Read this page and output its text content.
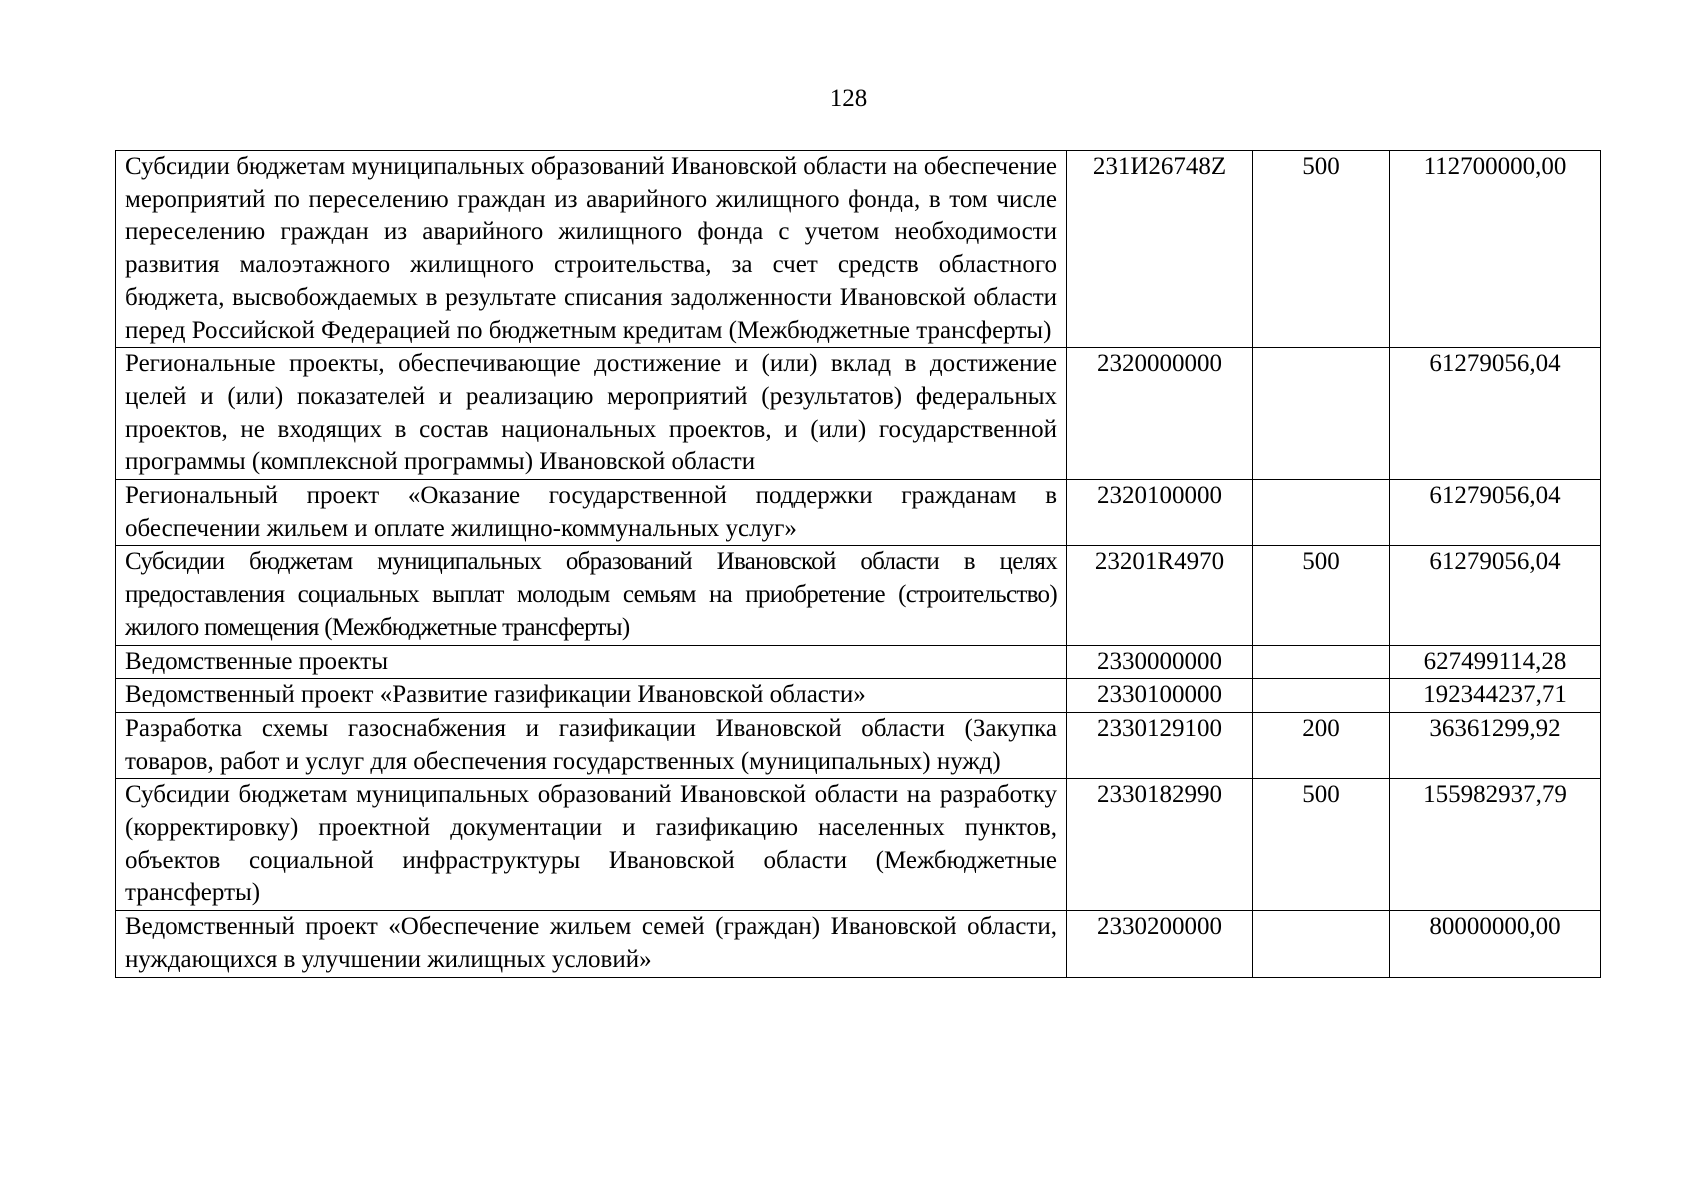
128
Субсидии бюджетам муниципальных образований Ивановской области на обеспечение мероприятий по переселению граждан из аварийного жилищного фонда, в том числе переселению граждан из аварийного жилищного фонда с учетом необходимости развития малоэтажного жилищного строительства, за счет средств областного бюджета, высвобождаемых в результате списания задолженности Ивановской области перед Российской Федерацией по бюджетным кредитам (Межбюджетные трансферты)	231И26748Z	500	112700000,00
Региональные проекты, обеспечивающие достижение и (или) вклад в достижение целей и (или) показателей и реализацию мероприятий (результатов) федеральных проектов, не входящих в состав национальных проектов, и (или) государственной программы (комплексной программы) Ивановской области	2320000000		61279056,04
Региональный проект «Оказание государственной поддержки гражданам в обеспечении жильем и оплате жилищно-коммунальных услуг»	2320100000		61279056,04
Субсидии бюджетам муниципальных образований Ивановской области в целях предоставления социальных выплат молодым семьям на приобретение (строительство) жилого помещения (Межбюджетные трансферты)	23201R4970	500	61279056,04
Ведомственные проекты	2330000000		627499114,28
Ведомственный проект «Развитие газификации Ивановской области»	2330100000		192344237,71
Разработка схемы газоснабжения и газификации Ивановской области (Закупка товаров, работ и услуг для обеспечения государственных (муниципальных) нужд)	2330129100	200	36361299,92
Субсидии бюджетам муниципальных образований Ивановской области на разработку (корректировку) проектной документации и газификацию населенных пунктов, объектов социальной инфраструктуры Ивановской области (Межбюджетные трансферты)	2330182990	500	155982937,79
Ведомственный проект «Обеспечение жильем семей (граждан) Ивановской области, нуждающихся в улучшении жилищных условий»	2330200000		80000000,00
